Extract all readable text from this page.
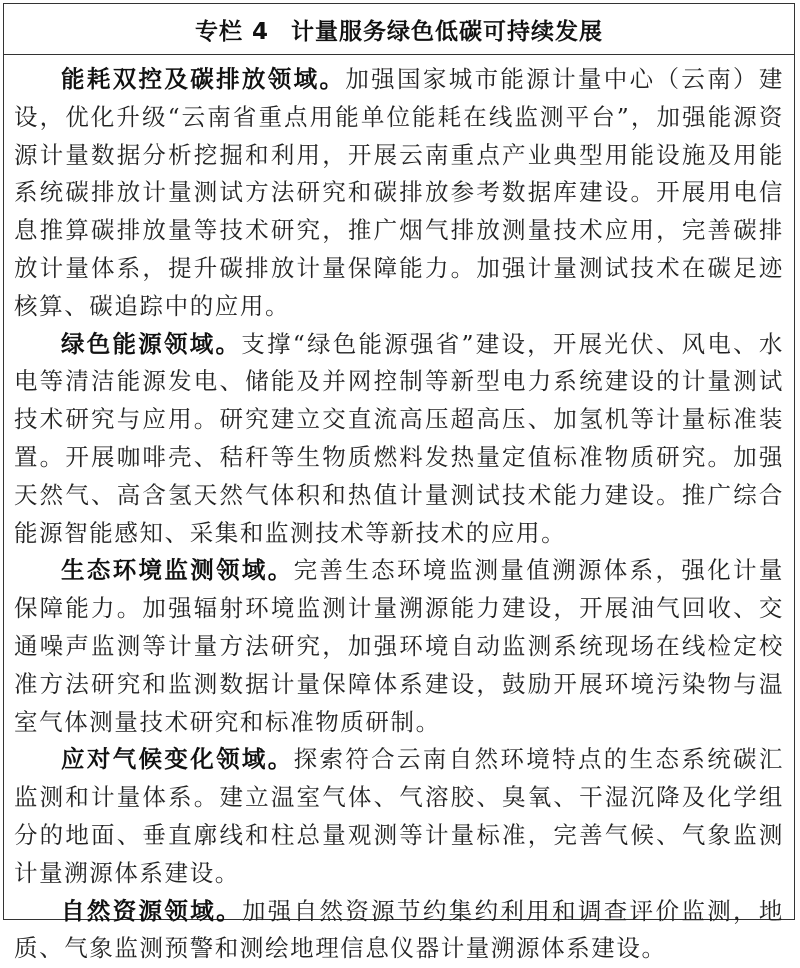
专栏 4 计量服务绿色低碳可持续发展

能耗双控及碳排放领域。加强国家城市能源计量中心（云南）建设，优化升级“云南省重点用能单位能耗在线监测平台”，加强能源资源计量数据分析挖掘和利用，开展云南重点产业典型用能设施及用能系统碳排放计量测试方法研究和碳排放参考数据库建设。开展用电信息推算碳排放量等技术研究，推广烟气排放测量技术应用，完善碳排放计量体系，提升碳排放计量保障能力。加强计量测试技术在碳足迹核算、碳追踪中的应用。

绿色能源领域。支撑“绿色能源强省”建设，开展光伏、风电、水电等清洁能源发电、储能及并网控制等新型电力系统建设的计量测试技术研究与应用。研究建立交直流高压超高压、加氢机等计量标准装置。开展咖啡壳、秸秆等生物质燃料发热量定值标准物质研究。加强天然气、高含氢天然气体积和热值计量测试技术能力建设。推广综合能源智能感知、采集和监测技术等新技术的应用。

生态环境监测领域。完善生态环境监测量值溯源体系，强化计量保障能力。加强辐射环境监测计量溯源能力建设，开展油气回收、交通噪声监测等计量方法研究，加强环境自动监测系统现场在线检定校准方法研究和监测数据计量保障体系建设，鼓励开展环境污染物与温室气体测量技术研究和标准物质研制。

应对气候变化领域。探索符合云南自然环境特点的生态系统碳汇监测和计量体系。建立温室气体、气溶胶、臭氧、干湿沉降及化学组分的地面、垂直廓线和柱总量观测等计量标准，完善气候、气象监测计量溯源体系建设。

自然资源领域。加强自然资源节约集约利用和调查评价监测，地质、气象监测预警和测绘地理信息仪器计量溯源体系建设。
